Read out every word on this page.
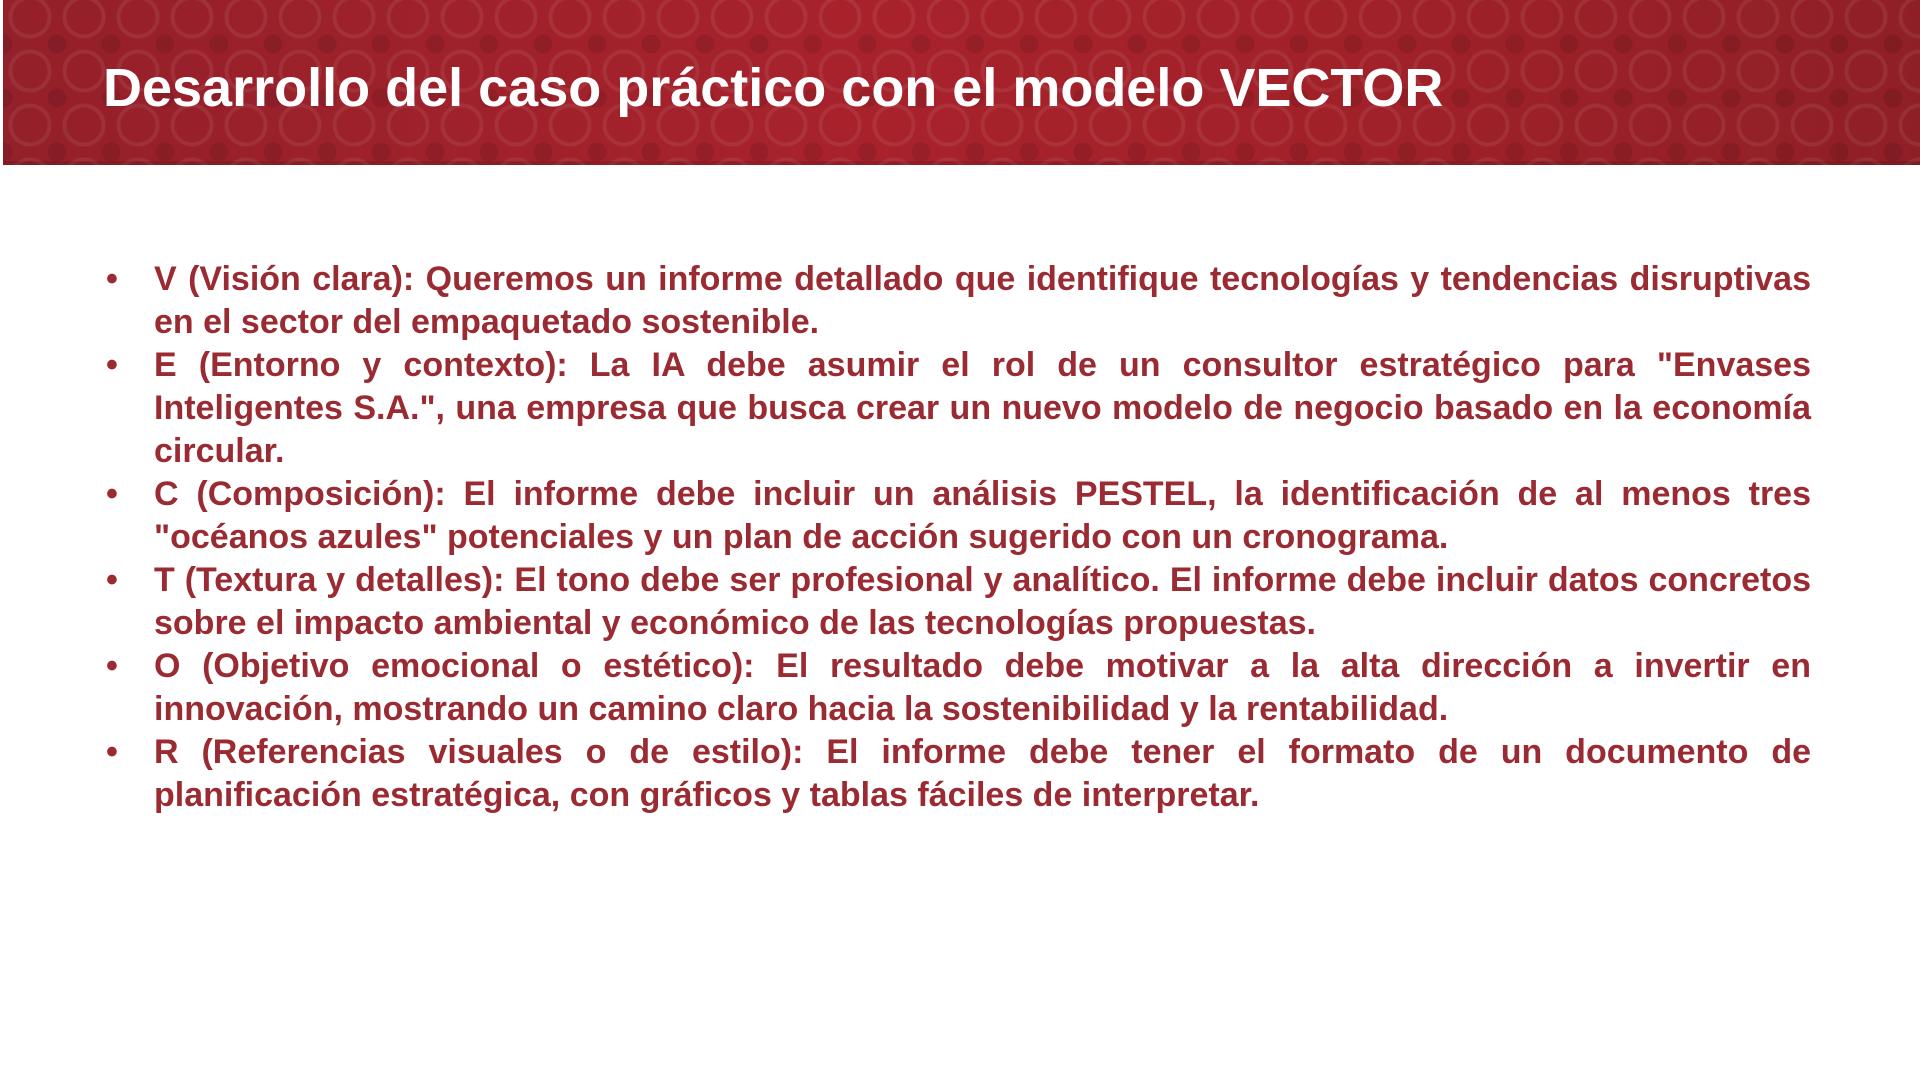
Desarrollo del caso práctico con el modelo VECTOR
• V (Visión clara): Queremos un informe detallado que identifique tecnologías y tendencias disruptivas en el sector del empaquetado sostenible.
• E (Entorno y contexto): La IA debe asumir el rol de un consultor estratégico para "Envases Inteligentes S.A.", una empresa que busca crear un nuevo modelo de negocio basado en la economía circular.
• C (Composición): El informe debe incluir un análisis PESTEL, la identificación de al menos tres "océanos azules" potenciales y un plan de acción sugerido con un cronograma.
• T (Textura y detalles): El tono debe ser profesional y analítico. El informe debe incluir datos concretos sobre el impacto ambiental y económico de las tecnologías propuestas.
• O (Objetivo emocional o estético): El resultado debe motivar a la alta dirección a invertir en innovación, mostrando un camino claro hacia la sostenibilidad y la rentabilidad.
• R (Referencias visuales o de estilo): El informe debe tener el formato de un documento de planificación estratégica, con gráficos y tablas fáciles de interpretar.
